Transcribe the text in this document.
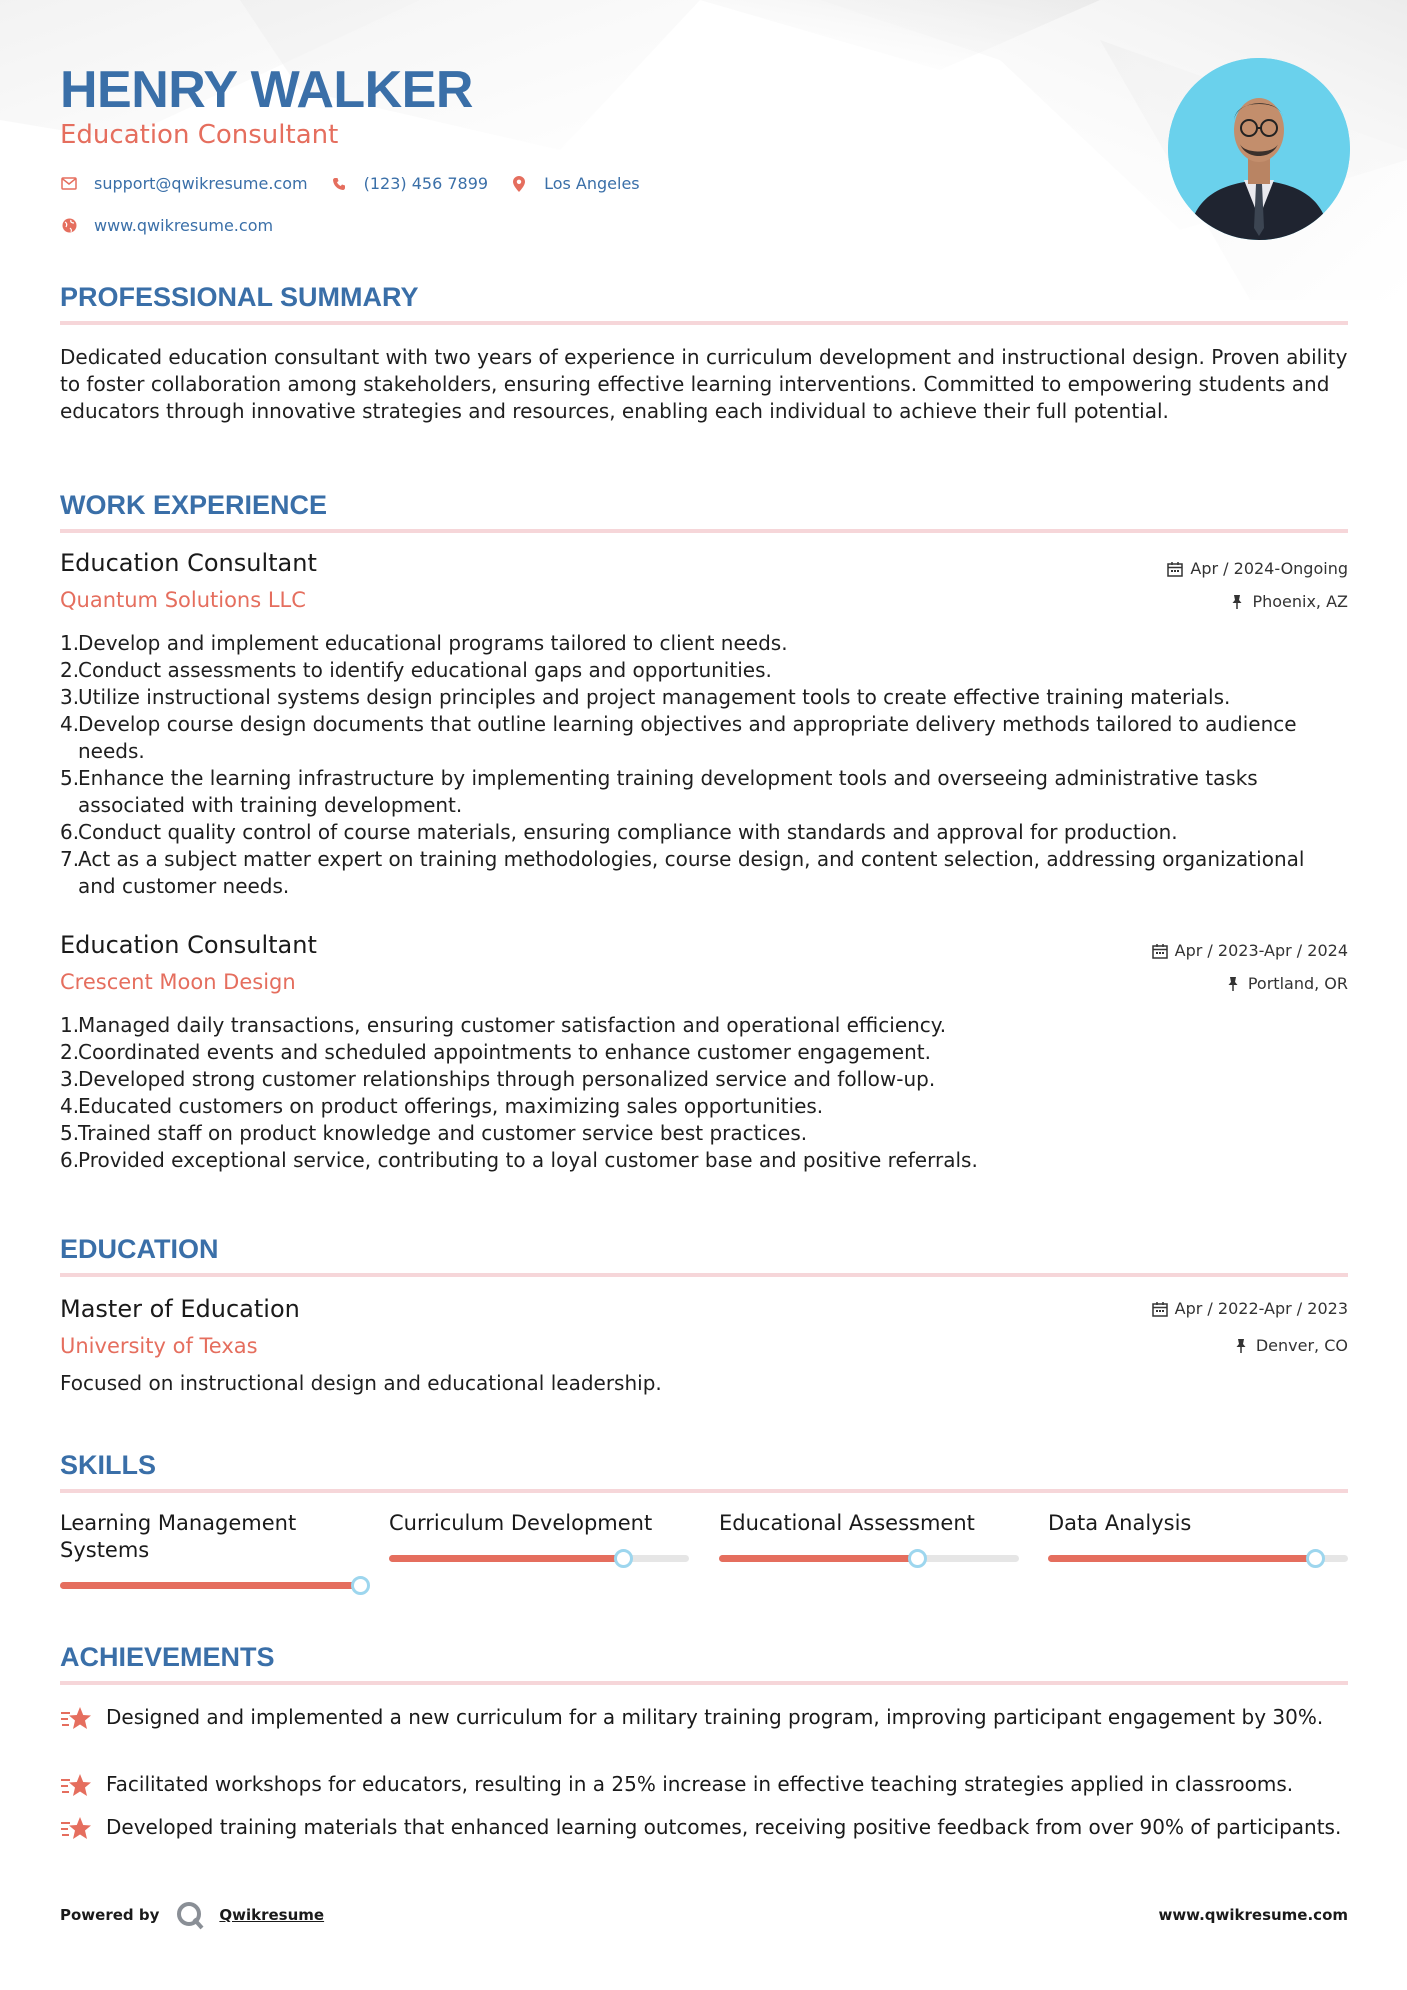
HENRY WALKER
Education Consultant
support@qwikresume.com	(123) 456 7899	Los Angeles
www.qwikresume.com
PROFESSIONAL SUMMARY
Dedicated education consultant with two years of experience in curriculum development and instructional design. Proven ability to foster collaboration among stakeholders, ensuring effective learning interventions. Committed to empowering students and educators through innovative strategies and resources, enabling each individual to achieve their full potential.
WORK EXPERIENCE
Education Consultant
Quantum Solutions LLC
Apr / 2024-Ongoing
Phoenix, AZ
Develop and implement educational programs tailored to client needs.
Conduct assessments to identify educational gaps and opportunities.
Utilize instructional systems design principles and project management tools to create effective training materials.
Develop course design documents that outline learning objectives and appropriate delivery methods tailored to audience needs.
Enhance the learning infrastructure by implementing training development tools and overseeing administrative tasks associated with training development.
Conduct quality control of course materials, ensuring compliance with standards and approval for production.
Act as a subject matter expert on training methodologies, course design, and content selection, addressing organizational and customer needs.
Education Consultant
Crescent Moon Design
Apr / 2023-Apr / 2024
Portland, OR
Managed daily transactions, ensuring customer satisfaction and operational efficiency.
Coordinated events and scheduled appointments to enhance customer engagement.
Developed strong customer relationships through personalized service and follow-up.
Educated customers on product offerings, maximizing sales opportunities.
Trained staff on product knowledge and customer service best practices.
Provided exceptional service, contributing to a loyal customer base and positive referrals.
EDUCATION
Master of Education
University of Texas
Apr / 2022-Apr / 2023
Denver, CO
Focused on instructional design and educational leadership.
SKILLS
Learning Management Systems
Curriculum Development	Educational Assessment	Data Analysis
ACHIEVEMENTS
Designed and implemented a new curriculum for a military training program, improving participant engagement by 30%.
Facilitated workshops for educators, resulting in a 25% increase in effective teaching strategies applied in classrooms.
Developed training materials that enhanced learning outcomes, receiving positive feedback from over 90% of participants.
Powered by	Qwikresume	www.qwikresume.com
